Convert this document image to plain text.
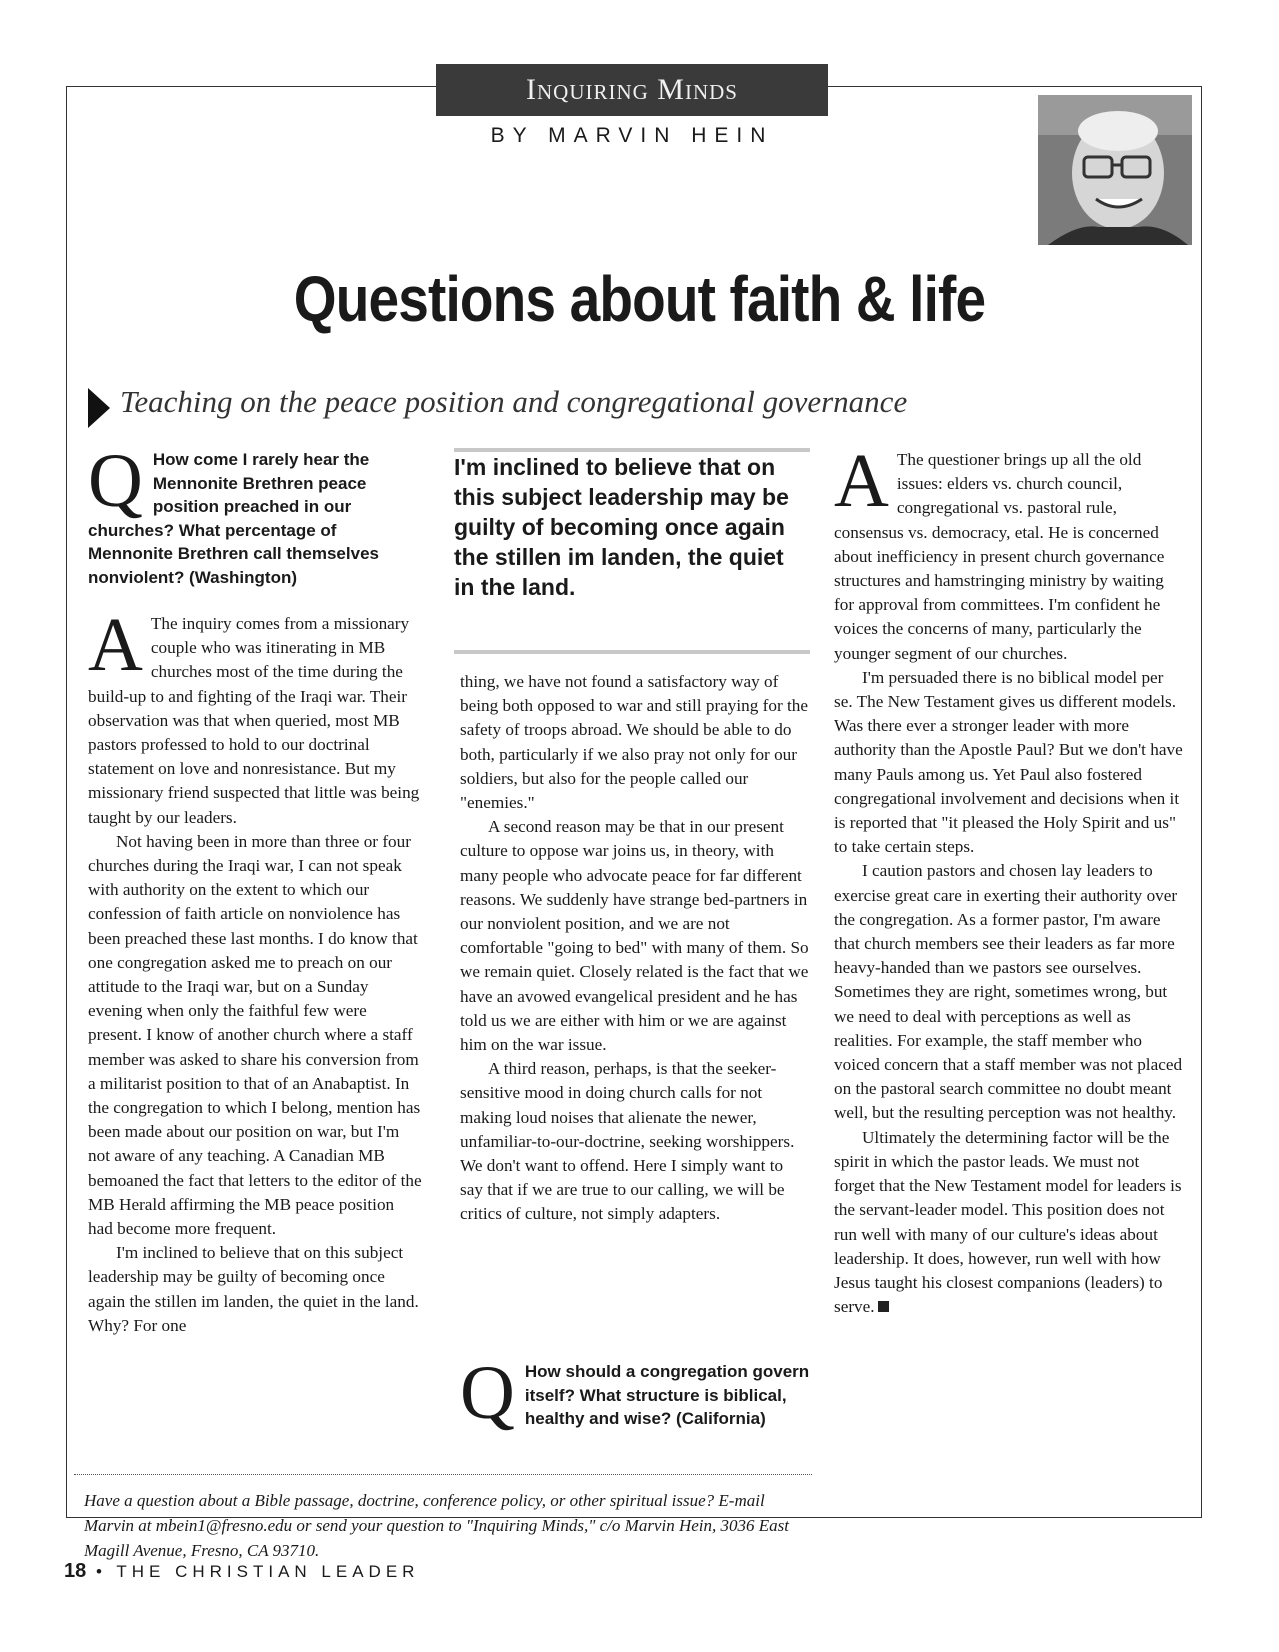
Inquiring Minds
BY MARVIN HEIN
Questions about faith & life
Teaching on the peace position and congregational governance
Q How come I rarely hear the Mennonite Brethren peace position preached in our churches? What percentage of Mennonite Brethren call themselves nonviolent? (Washington)

A The inquiry comes from a missionary couple who was itinerating in MB churches most of the time during the build-up to and fighting of the Iraqi war. Their observation was that when queried, most MB pastors professed to hold to our doctrinal statement on love and nonresistance. But my missionary friend suspected that little was being taught by our leaders.

Not having been in more than three or four churches during the Iraqi war, I can not speak with authority on the extent to which our confession of faith article on nonviolence has been preached these last months. I do know that one congregation asked me to preach on our attitude to the Iraqi war, but on a Sunday evening when only the faithful few were present. I know of another church where a staff member was asked to share his conversion from a militarist position to that of an Anabaptist. In the congregation to which I belong, mention has been made about our position on war, but I'm not aware of any teaching. A Canadian MB bemoaned the fact that letters to the editor of the MB Herald affirming the MB peace position had become more frequent.

I'm inclined to believe that on this subject leadership may be guilty of becoming once again the stillen im landen, the quiet in the land. Why? For one

I'm inclined to believe that on this subject leadership may be guilty of becoming once again the stillen im landen, the quiet in the land.

thing, we have not found a satisfactory way of being both opposed to war and still praying for the safety of troops abroad. We should be able to do both, particularly if we also pray not only for our soldiers, but also for the people called our "enemies."

A second reason may be that in our present culture to oppose war joins us, in theory, with many people who advocate peace for far different reasons. We suddenly have strange bed-partners in our nonviolent position, and we are not comfortable "going to bed" with many of them. So we remain quiet. Closely related is the fact that we have an avowed evangelical president and he has told us we are either with him or we are against him on the war issue.

A third reason, perhaps, is that the seeker-sensitive mood in doing church calls for not making loud noises that alienate the newer, unfamiliar-to-our-doctrine, seeking worshippers. We don't want to offend. Here I simply want to say that if we are true to our calling, we will be critics of culture, not simply adapters.

Q How should a congregation govern itself? What structure is biblical, healthy and wise? (California)

A The questioner brings up all the old issues: elders vs. church council, congregational vs. pastoral rule, consensus vs. democracy, etal. He is concerned about inefficiency in present church governance structures and hamstringing ministry by waiting for approval from committees. I'm confident he voices the concerns of many, particularly the younger segment of our churches.

I'm persuaded there is no biblical model per se. The New Testament gives us different models. Was there ever a stronger leader with more authority than the Apostle Paul? But we don't have many Pauls among us. Yet Paul also fostered congregational involvement and decisions when it is reported that "it pleased the Holy Spirit and us" to take certain steps.

I caution pastors and chosen lay leaders to exercise great care in exerting their authority over the congregation. As a former pastor, I'm aware that church members see their leaders as far more heavy-handed than we pastors see ourselves. Sometimes they are right, sometimes wrong, but we need to deal with perceptions as well as realities. For example, the staff member who voiced concern that a staff member was not placed on the pastoral search committee no doubt meant well, but the resulting perception was not healthy.

Ultimately the determining factor will be the spirit in which the pastor leads. We must not forget that the New Testament model for leaders is the servant-leader model. This position does not run well with many of our culture's ideas about leadership. It does, however, run well with how Jesus taught his closest companions (leaders) to serve.

Have a question about a Bible passage, doctrine, conference policy, or other spiritual issue? E-mail Marvin at mbein1@fresno.edu or send your question to "Inquiring Minds," c/o Marvin Hein, 3036 East Magill Avenue, Fresno, CA 93710.
18 • THE CHRISTIAN LEADER
